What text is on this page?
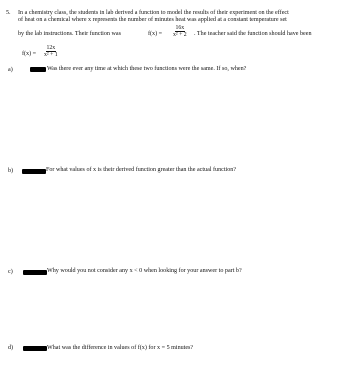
5. In a chemistry class, the students in lab derived a function to model the results of their experiment on the effect
of heat on a chemical where x represents the number of minutes heat was applied at a constant temperature set
by the lab instructions. Their function was	$f(x) = \frac{16x}{\text{x² + 2}}$ . The teacher said the function should have been
$f(x) = \frac{12x}{\text{x² + 1}}$
a)	Was there ever any time at which these two functions were the same. If so, when?
b)	For what values of x is their derived function greater than the actual function?
c)	Why would you not consider any x < 0 when looking for your answer to part b?
d)	What was the difference in values of f(x) for x = 5 minutes?
